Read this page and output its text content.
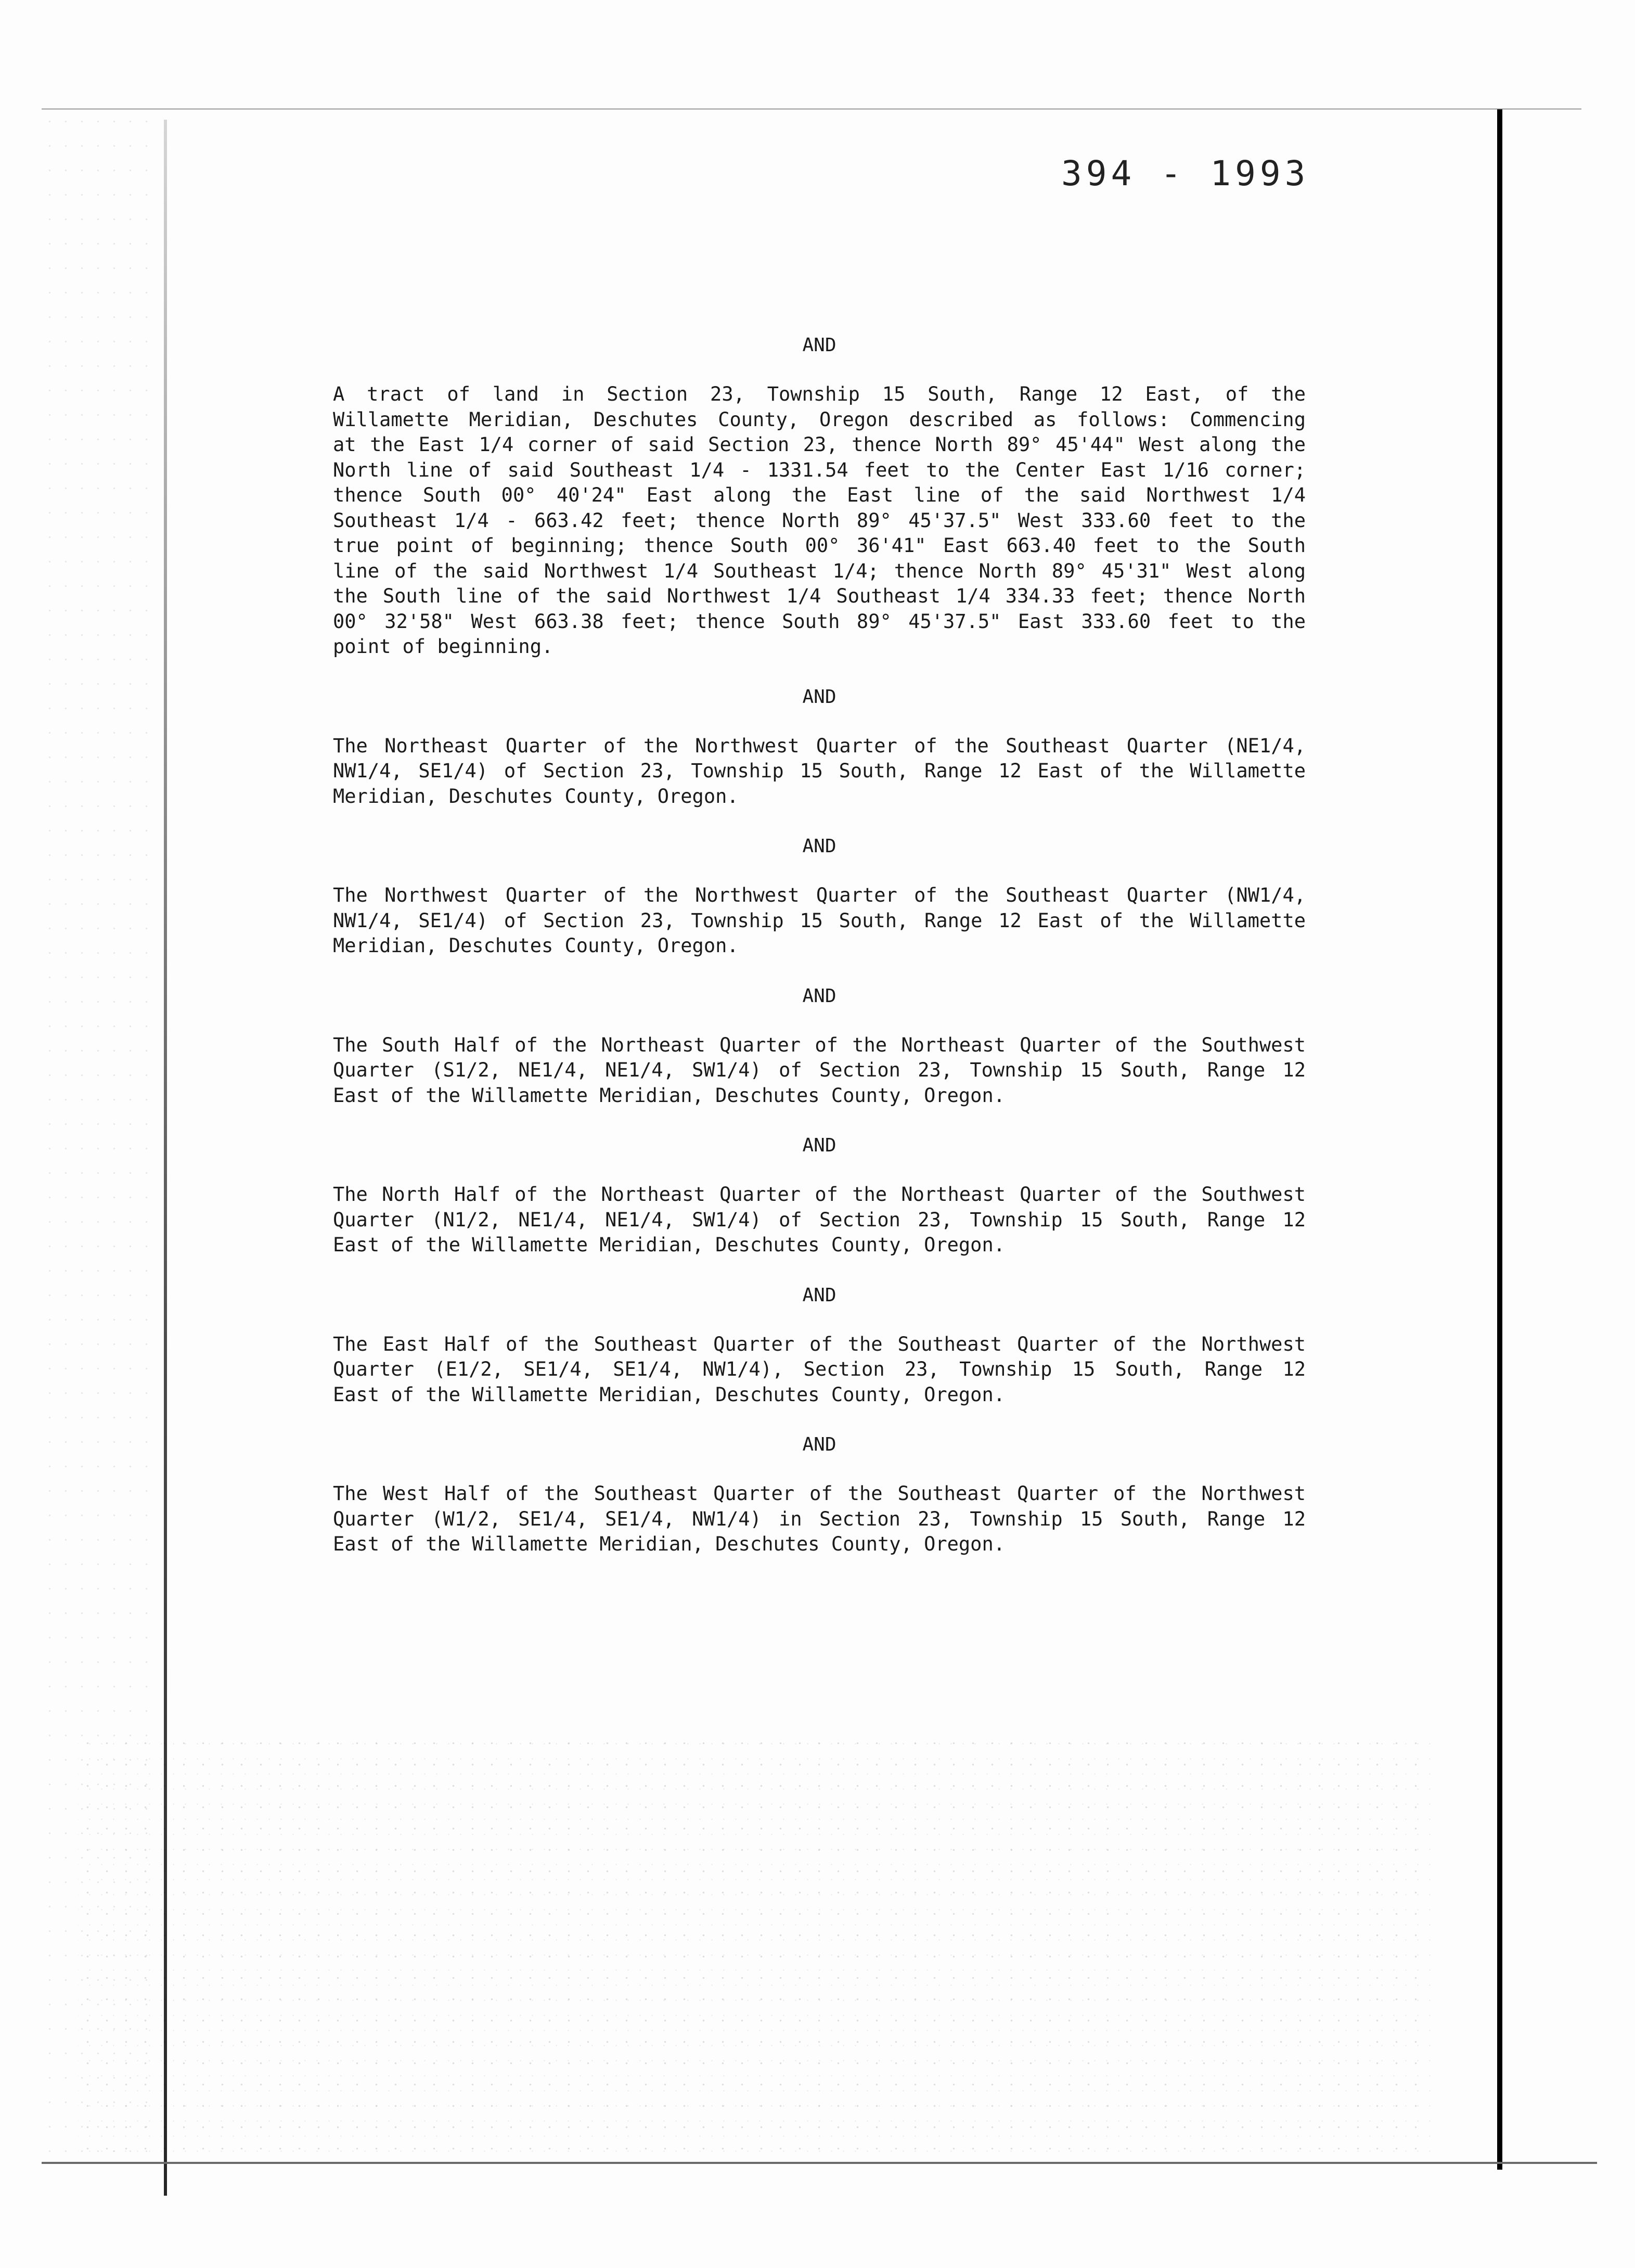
394 - 1993
AND
A tract of land in Section 23, Township 15 South, Range 12 East, of the
Willamette Meridian, Deschutes County, Oregon described as follows: Commencing
at the East 1/4 corner of said Section 23, thence North 89° 45'44" West along the
North line of said Southeast 1/4 - 1331.54 feet to the Center East 1/16 corner;
thence South 00° 40'24" East along the East line of the said Northwest 1/4
Southeast 1/4 - 663.42 feet; thence North 89° 45'37.5" West 333.60 feet to the
true point of beginning; thence South 00° 36'41" East 663.40 feet to the South
line of the said Northwest 1/4 Southeast 1/4; thence North 89° 45'31" West along
the South line of the said Northwest 1/4 Southeast 1/4 334.33 feet; thence North
00° 32'58" West 663.38 feet; thence South 89° 45'37.5" East 333.60 feet to the
point of beginning.
AND
The Northeast Quarter of the Northwest Quarter of the Southeast Quarter (NE1/4,
NW1/4, SE1/4) of Section 23, Township 15 South, Range 12 East of the Willamette
Meridian, Deschutes County, Oregon.
AND
The Northwest Quarter of the Northwest Quarter of the Southeast Quarter (NW1/4,
NW1/4, SE1/4) of Section 23, Township 15 South, Range 12 East of the Willamette
Meridian, Deschutes County, Oregon.
AND
The South Half of the Northeast Quarter of the Northeast Quarter of the Southwest
Quarter (S1/2, NE1/4, NE1/4, SW1/4) of Section 23, Township 15 South, Range 12
East of the Willamette Meridian, Deschutes County, Oregon.
AND
The North Half of the Northeast Quarter of the Northeast Quarter of the Southwest
Quarter (N1/2, NE1/4, NE1/4, SW1/4) of Section 23, Township 15 South, Range 12
East of the Willamette Meridian, Deschutes County, Oregon.
AND
The East Half of the Southeast Quarter of the Southeast Quarter of the Northwest
Quarter (E1/2, SE1/4, SE1/4, NW1/4), Section 23, Township 15 South, Range 12
East of the Willamette Meridian, Deschutes County, Oregon.
AND
The West Half of the Southeast Quarter of the Southeast Quarter of the Northwest
Quarter (W1/2, SE1/4, SE1/4, NW1/4) in Section 23, Township 15 South, Range 12
East of the Willamette Meridian, Deschutes County, Oregon.
